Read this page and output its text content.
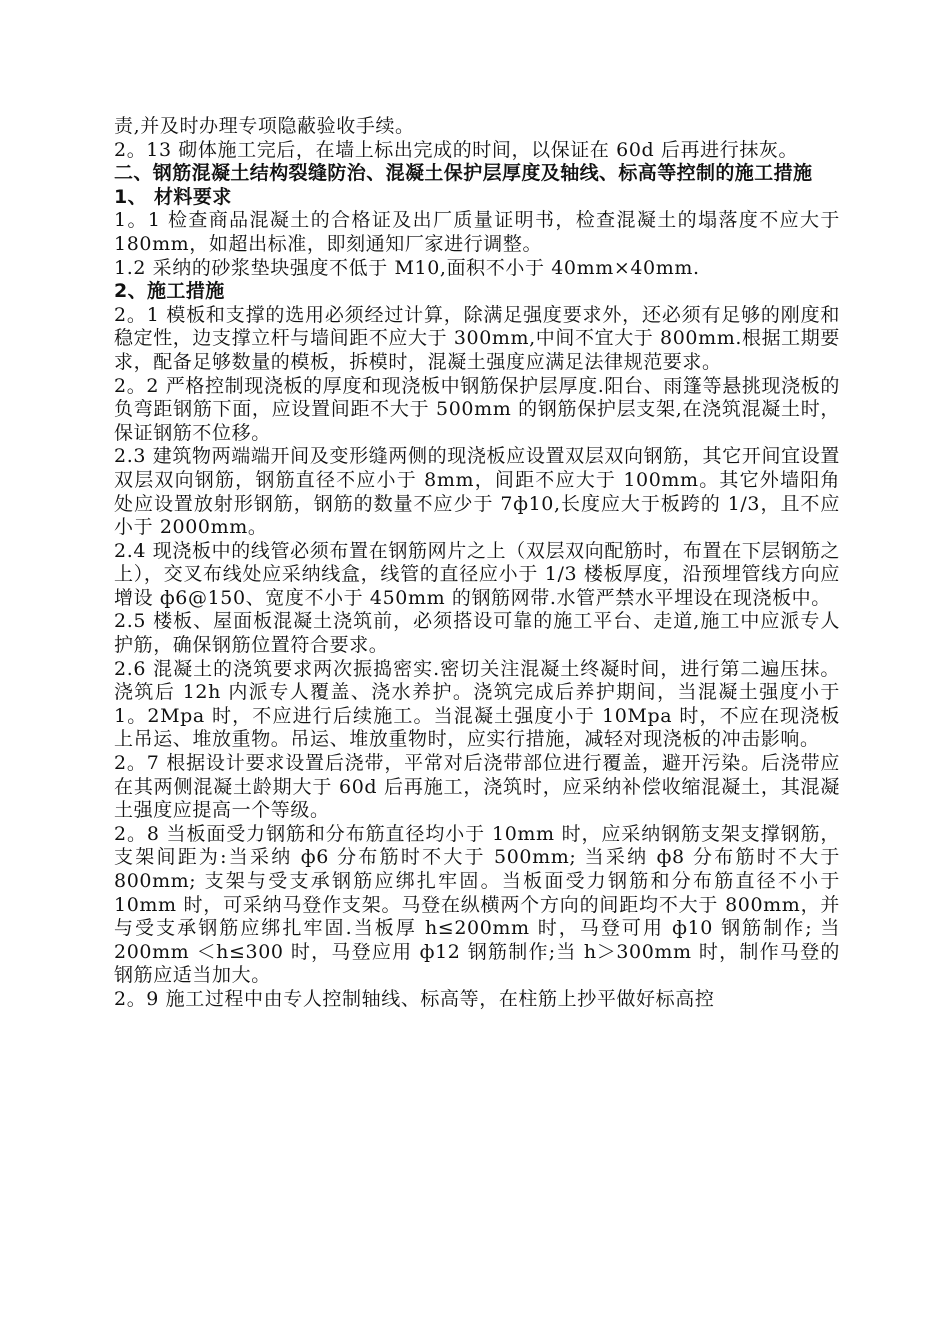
责,并及时办理专项隐蔽验收手续。

2。13 砌体施工完后，在墙上标出完成的时间，以保证在 60d 后再进行抹灰。

二、钢筋混凝土结构裂缝防治、混凝土保护层厚度及轴线、标高等控制的施工措施

1、 材料要求

1。1 检查商品混凝土的合格证及出厂质量证明书，检查混凝土的塌落度不应大于 180mm，如超出标准，即刻通知厂家进行调整。

1.2 采纳的砂浆垫块强度不低于 M10,面积不小于 40mm×40mm.

2、施工措施

2。1 模板和支撑的选用必须经过计算，除满足强度要求外，还必须有足够的刚度和稳定性，边支撑立杆与墙间距不应大于 300mm,中间不宜大于 800mm.根据工期要求，配备足够数量的模板，拆模时，混凝土强度应满足法律规范要求。

2。2 严格控制现浇板的厚度和现浇板中钢筋保护层厚度.阳台、雨篷等悬挑现浇板的负弯距钢筋下面，应设置间距不大于 500mm 的钢筋保护层支架,在浇筑混凝土时，保证钢筋不位移。

2.3 建筑物两端端开间及变形缝两侧的现浇板应设置双层双向钢筋，其它开间宜设置双层双向钢筋，钢筋直径不应小于 8mm，间距不应大于 100mm。其它外墙阳角处应设置放射形钢筋，钢筋的数量不应少于 7ф10,长度应大于板跨的 1/3，且不应小于 2000mm。

2.4 现浇板中的线管必须布置在钢筋网片之上（双层双向配筋时，布置在下层钢筋之上），交叉布线处应采纳线盒，线管的直径应小于 1/3 楼板厚度，沿预埋管线方向应增设 ф6@150、宽度不小于 450mm 的钢筋网带.水管严禁水平埋设在现浇板中。

2.5 楼板、屋面板混凝土浇筑前，必须搭设可靠的施工平台、走道,施工中应派专人护筋，确保钢筋位置符合要求。

2.6 混凝土的浇筑要求两次振捣密实.密切关注混凝土终凝时间，进行第二遍压抹。浇筑后 12h 内派专人覆盖、浇水养护。浇筑完成后养护期间，当混凝土强度小于 1。2Mpa 时，不应进行后续施工。当混凝土强度小于 10Mpa 时，不应在现浇板上吊运、堆放重物。吊运、堆放重物时，应实行措施，减轻对现浇板的冲击影响。

2。7 根据设计要求设置后浇带，平常对后浇带部位进行覆盖，避开污染。后浇带应在其两侧混凝土龄期大于 60d 后再施工，浇筑时，应采纳补偿收缩混凝土，其混凝土强度应提高一个等级。

2。8 当板面受力钢筋和分布筋直径均小于 10mm 时，应采纳钢筋支架支撑钢筋，支架间距为:当采纳 ф6 分布筋时不大于 500mm; 当采纳 ф8 分布筋时不大于 800mm; 支架与受支承钢筋应绑扎牢固。当板面受力钢筋和分布筋直径不小于 10mm 时，可采纳马登作支架。马登在纵横两个方向的间距均不大于 800mm，并与受支承钢筋应绑扎牢固.当板厚 h≤200mm 时，马登可用 ф10 钢筋制作; 当 200mm ＜h≤300 时，马登应用 ф12 钢筋制作;当 h＞300mm 时，制作马登的钢筋应适当加大。

2。9 施工过程中由专人控制轴线、标高等，在柱筋上抄平做好标高控
